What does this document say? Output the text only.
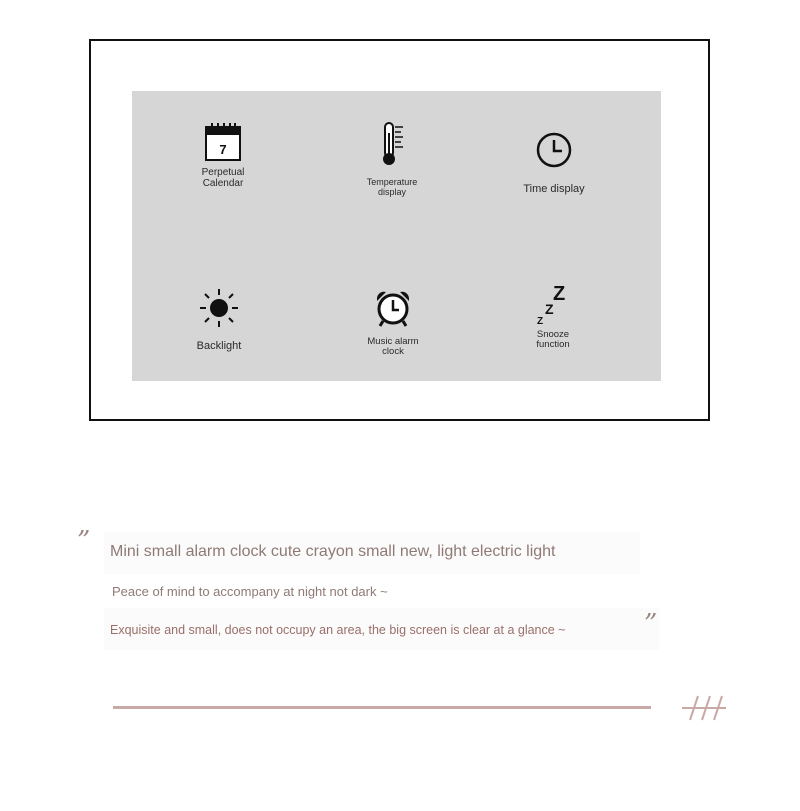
7
Perpetual
Calendar	Temperature
display	Time display
Backlight	Music alarm
clock
Z
Z
Z
Snooze
function
” Mini small alarm clock cute crayon small new, light electric light
Peace of mind to accompany at night not dark ~
Exquisite and small, does not occupy an area, the big screen is clear at a glance ~	”
